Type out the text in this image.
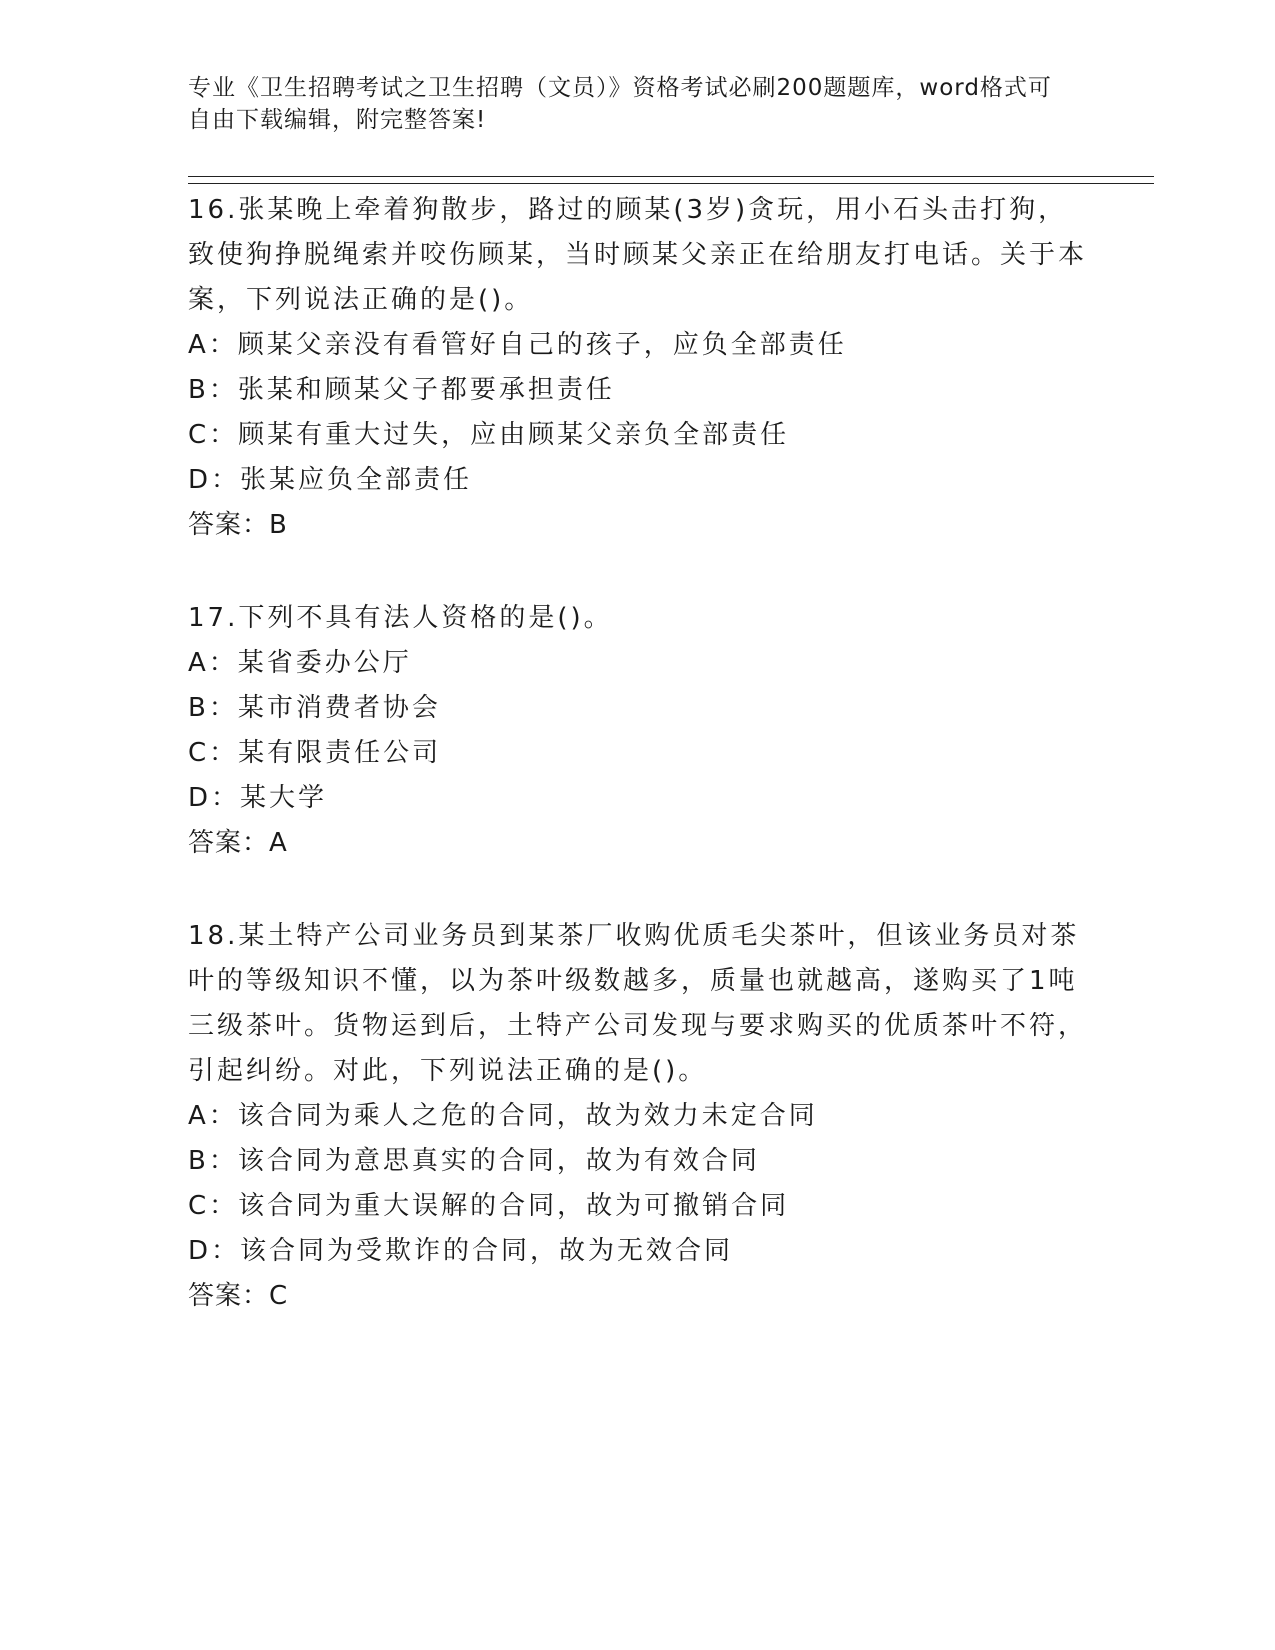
专业《卫生招聘考试之卫生招聘（文员）》资格考试必刷200题题库，word格式可自由下载编辑，附完整答案!
16.张某晚上牵着狗散步，路过的顾某(3岁)贪玩，用小石头击打狗，致使狗挣脱绳索并咬伤顾某，当时顾某父亲正在给朋友打电话。关于本案，下列说法正确的是()。
A：顾某父亲没有看管好自己的孩子，应负全部责任
B：张某和顾某父子都要承担责任
C：顾某有重大过失，应由顾某父亲负全部责任
D：张某应负全部责任
答案：B
17.下列不具有法人资格的是()。
A：某省委办公厅
B：某市消费者协会
C：某有限责任公司
D：某大学
答案：A
18.某土特产公司业务员到某茶厂收购优质毛尖茶叶，但该业务员对茶叶的等级知识不懂，以为茶叶级数越多，质量也就越高，遂购买了1吨三级茶叶。货物运到后，土特产公司发现与要求购买的优质茶叶不符，引起纠纷。对此，下列说法正确的是()。
A：该合同为乘人之危的合同，故为效力未定合同
B：该合同为意思真实的合同，故为有效合同
C：该合同为重大误解的合同，故为可撤销合同
D：该合同为受欺诈的合同，故为无效合同
答案：C
